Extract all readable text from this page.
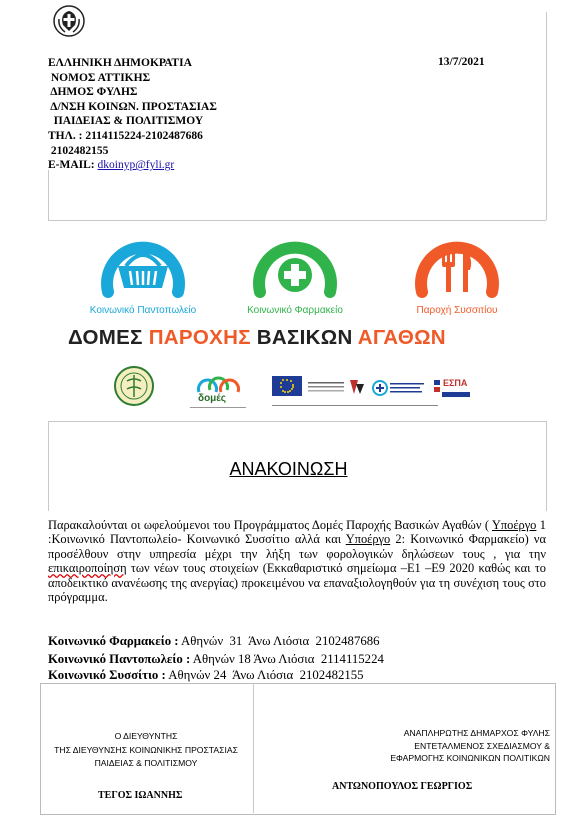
ΕΛΛΗΝΙΚΗ ΔΗΜΟΚΡΑΤΙΑ
ΝΟΜΟΣ ΑΤΤΙΚΗΣ
ΔΗΜΟΣ ΦΥΛΗΣ
Δ/ΝΣΗ ΚΟΙΝΩΝ. ΠΡΟΣΤΑΣΙΑΣ
ΠΑΙΔΕΙΑΣ & ΠΟΛΙΤΙΣΜΟΥ
ΤΗΛ. : 2114115224-2102487686
2102482155
E-MAIL: dkoinyp@fyli.gr
13/7/2021
Κοινωνικό Παντοπωλείο	Κοινωνικό Φαρμακείο	Παροχή Συσσιτίου
ΔΟΜΕΣ ΠΑΡΟΧΗΣ ΒΑΣΙΚΩΝ ΑΓΑΘΩΝ
δομές
ΕΣΠΑ
ΑΝΑΚΟΙΝΩΣΗ
Παρακαλούνται οι ωφελούμενοι του Προγράμματος Δομές Παροχής Βασικών Αγαθών ( Υποέργο 1 :Κοινωνικό Παντοπωλείο- Κοινωνικό Συσσίτιο αλλά και Υποέργο 2: Κοινωνικό Φαρμακείο) να προσέλθουν στην υπηρεσία μέχρι την λήξη των φορολογικών δηλώσεων τους , για την επικαιροποίηση των νέων τους στοιχείων (Εκκαθαριστικό σημείωμα –Ε1 –Ε9 2020 καθώς και το αποδεικτικό ανανέωσης της ανεργίας) προκειμένου να επαναξιολογηθούν για τη συνέχιση τους στο πρόγραμμα.
Κοινωνικό Φαρμακείο : Αθηνών  31  Άνω Λιόσια  2102487686
Κοινωνικό Παντοπωλείο : Αθηνών 18 Άνω Λιόσια  2114115224
Κοινωνικό Συσσίτιο : Αθηνών 24  Άνω Λιόσια  2102482155
Ο ΔΙΕΥΘΥΝΤΗΣ
ΤΗΣ ΔΙΕΥΘΥΝΣΗΣ ΚΟΙΝΩΝΙΚΗΣ ΠΡΟΣΤΑΣΙΑΣ
ΠΑΙΔΕΙΑΣ & ΠΟΛΙΤΙΣΜΟΥ
ΤΕΓΟΣ ΙΩΑΝΝΗΣ
ΑΝΑΠΛΗΡΩΤΗΣ ΔΗΜΑΡΧΟΣ ΦΥΛΗΣ
ΕΝΤΕΤΑΛΜΕΝΟΣ ΣΧΕΔΙΑΣΜΟΥ &
ΕΦΑΡΜΟΓΗΣ ΚΟΙΝΩΝΙΚΩΝ ΠΟΛΙΤΙΚΩΝ
ΑΝΤΩΝΟΠΟΥΛΟΣ ΓΕΩΡΓΙΟΣ
